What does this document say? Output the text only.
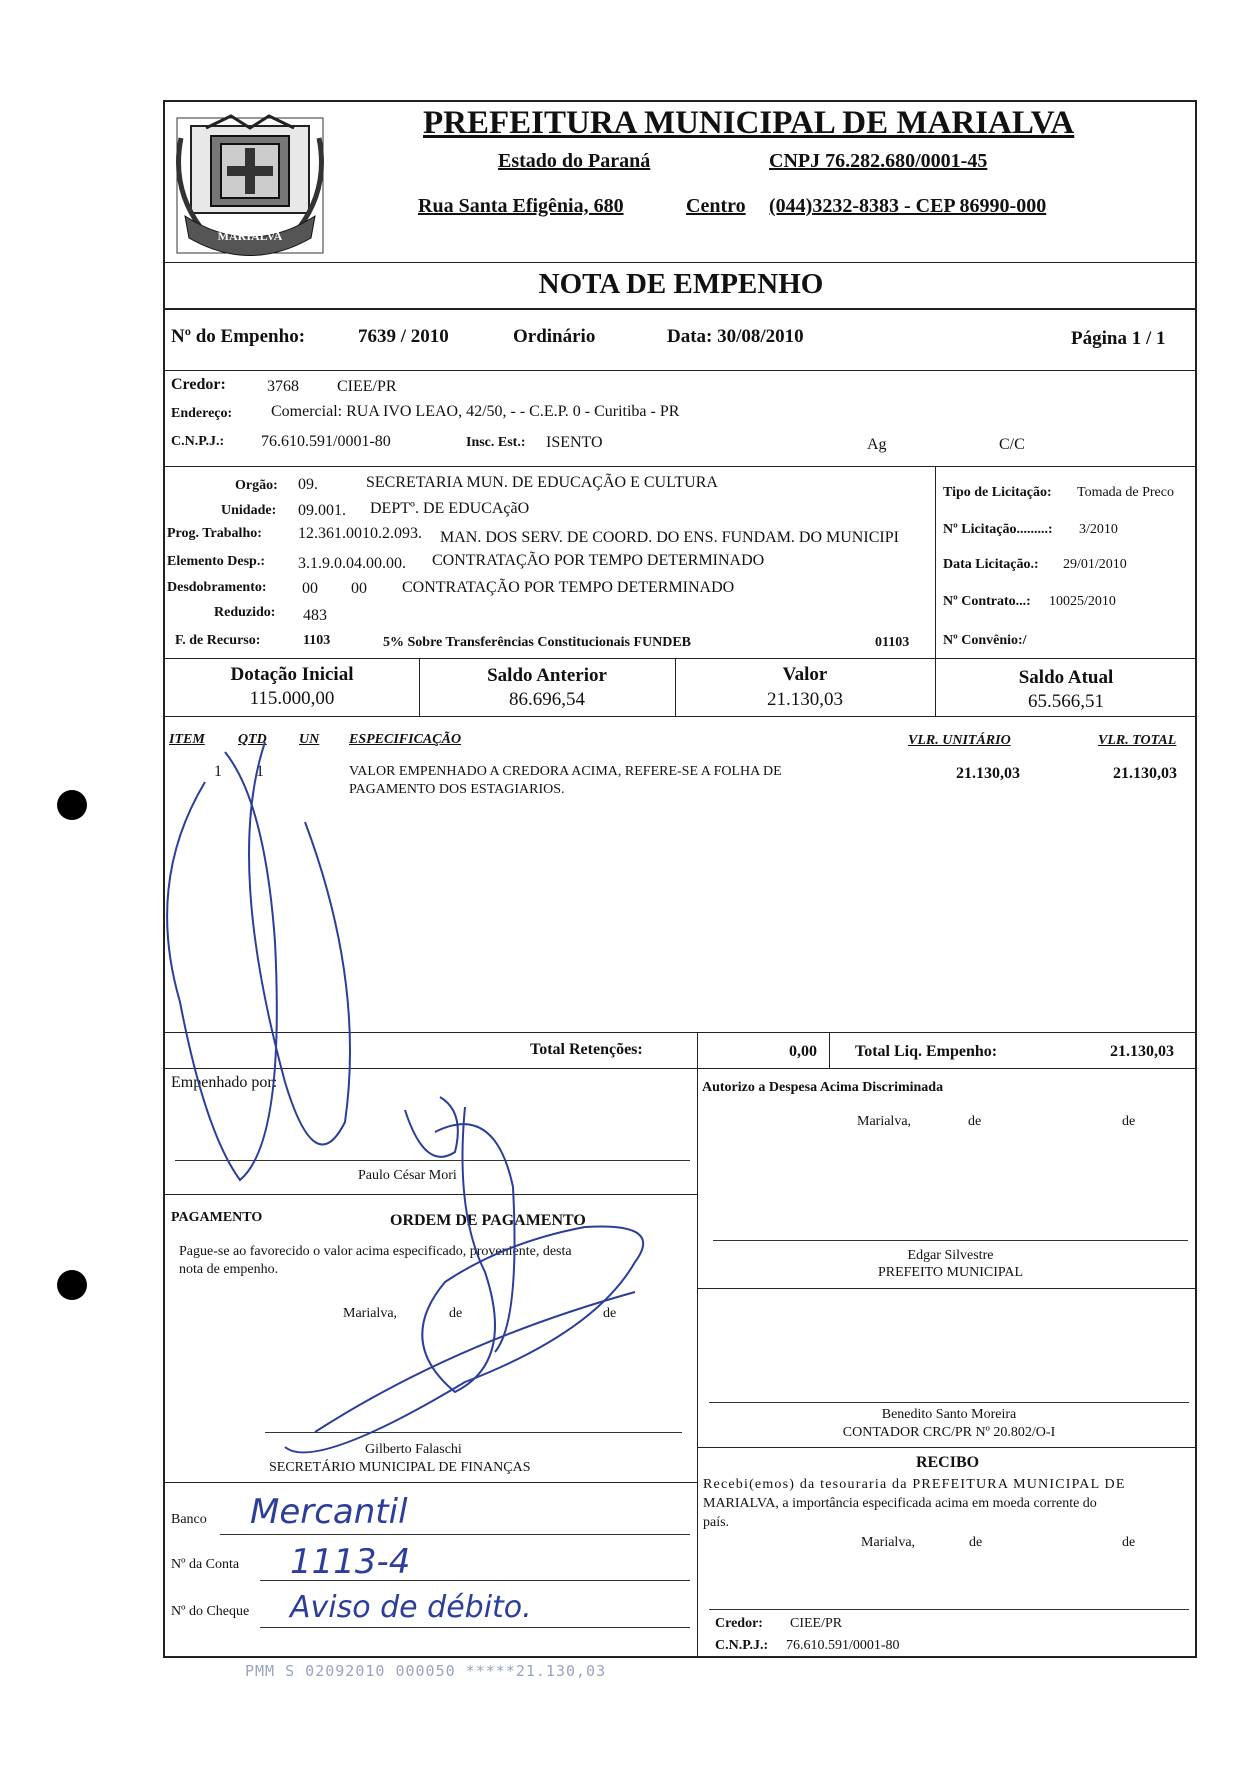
MARIALVA
PREFEITURA MUNICIPAL DE MARIALVA
Estado do Paraná	CNPJ 76.282.680/0001-45
Rua Santa Efigênia, 680	Centro (044)3232-8383 - CEP 86990-000
NOTA DE EMPENHO
Nº do Empenho:	7639 / 2010	Ordinário	Data: 30/08/2010	Página 1 / 1
Credor:	3768 CIEE/PR
Endereço: Comercial: RUA IVO LEAO, 42/50, - - C.E.P. 0 - Curitiba - PR
C.N.P.J.: 76.610.591/0001-80	Insc. Est.: ISENTO	Ag	C/C
Orgão: 09.	SECRETARIA MUN. DE EDUCAÇÃO E CULTURA
Unidade: 09.001. DEPTº. DE EDUCAçãO
Prog. Trabalho: 12.361.0010.2.093. MAN. DOS SERV. DE COORD. DO ENS. FUNDAM. DO MUNICIPI
Elemento Desp.: 3.1.9.0.04.00.00. CONTRATAÇÃO POR TEMPO DETERMINADO
Desdobramento: 00 00 CONTRATAÇÃO POR TEMPO DETERMINADO
Reduzido: 483
F. de Recurso:	1103	5% Sobre Transferências Constitucionais FUNDEB	01103
Tipo de Licitação: Tomada de Preco
Nº Licitação.........: 3/2010
Data Licitação.: 29/01/2010
Nº Contrato...: 10025/2010
Nº Convênio:/
Dotação Inicial
115.000,00
Saldo Anterior
86.696,54
Valor
21.130,03
Saldo Atual
65.566,51
ITEM QTD UN ESPECIFICAÇÃO	VLR. UNITÁRIO	VLR. TOTAL
1 1	VALOR EMPENHADO A CREDORA ACIMA, REFERE-SE A FOLHA DE
PAGAMENTO DOS ESTAGIARIOS.
21.130,03	21.130,03
Total Retenções:	0,00 Total Liq. Empenho:	21.130,03
Empenhado por:
Paulo César Mori
PAGAMENTO	ORDEM DE PAGAMENTO
Pague-se ao favorecido o valor acima especificado, proveniente, desta
nota de empenho.
Marialva,	de	de
Gilberto Falaschi
SECRETÁRIO MUNICIPAL DE FINANÇAS
Banco Mercantil
Nº da Conta 1113-4
Nº do Cheque Aviso de débito.
Autorizo a Despesa Acima Discriminada
Marialva,	de	de
Edgar Silvestre
PREFEITO MUNICIPAL
Benedito Santo Moreira
CONTADOR CRC/PR Nº 20.802/O-I
RECIBO
Recebi(emos) da tesouraria da PREFEITURA MUNICIPAL DE
MARIALVA, a importância especificada acima em moeda corrente do
país.
Marialva,	de	de
Credor: CIEE/PR
C.N.P.J.: 76.610.591/0001-80
PMM S 02092010 000050 *****21.130,03
